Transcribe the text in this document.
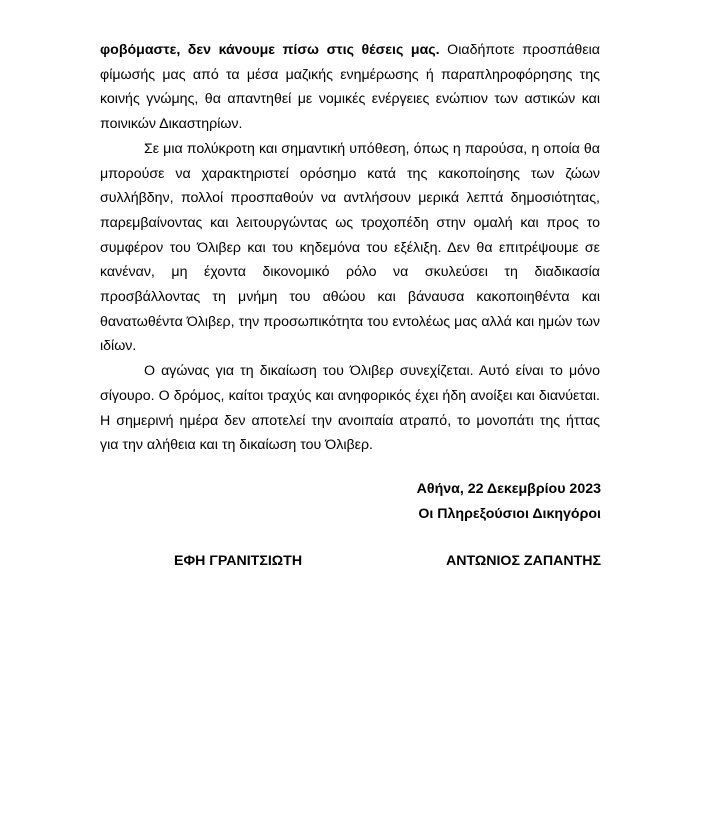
φοβόμαστε, δεν κάνουμε πίσω στις θέσεις μας. Οιαδήποτε προσπάθεια φίμωσής μας από τα μέσα μαζικής ενημέρωσης ή παραπληροφόρησης της κοινής γνώμης, θα απαντηθεί με νομικές ενέργειες ενώπιον των αστικών και ποινικών Δικαστηρίων.

Σε μια πολύκροτη και σημαντική υπόθεση, όπως η παρούσα, η οποία θα μπορούσε να χαρακτηριστεί ορόσημο κατά της κακοποίησης των ζώων συλλήβδην, πολλοί προσπαθούν να αντλήσουν μερικά λεπτά δημοσιότητας, παρεμβαίνοντας και λειτουργώντας ως τροχοπέδη στην ομαλή και προς το συμφέρον του Όλιβερ και του κηδεμόνα του εξέλιξη. Δεν θα επιτρέψουμε σε κανέναν, μη έχοντα δικονομικό ρόλο να σκυλεύσει τη διαδικασία προσβάλλοντας τη μνήμη του αθώου και βάναυσα κακοποιηθέντα και θανατωθέντα Όλιβερ, την προσωπικότητα του εντολέως μας αλλά και ημών των ιδίων.

Ο αγώνας για τη δικαίωση του Όλιβερ συνεχίζεται. Αυτό είναι το μόνο σίγουρο. Ο δρόμος, καίτοι τραχύς και ανηφορικός έχει ήδη ανοίξει και διανύεται. Η σημερινή ημέρα δεν αποτελεί την ανοιπαία ατραπό, το μονοπάτι της ήττας για την αλήθεια και τη δικαίωση του Όλιβερ.

Αθήνα, 22 Δεκεμβρίου 2023
Οι Πληρεξούσιοι Δικηγόροι
ΕΦΗ ΓΡΑΝΙΤΣΙΩΤΗ	ΑΝΤΩΝΙΟΣ ΖΑΠΑΝΤΗΣ
